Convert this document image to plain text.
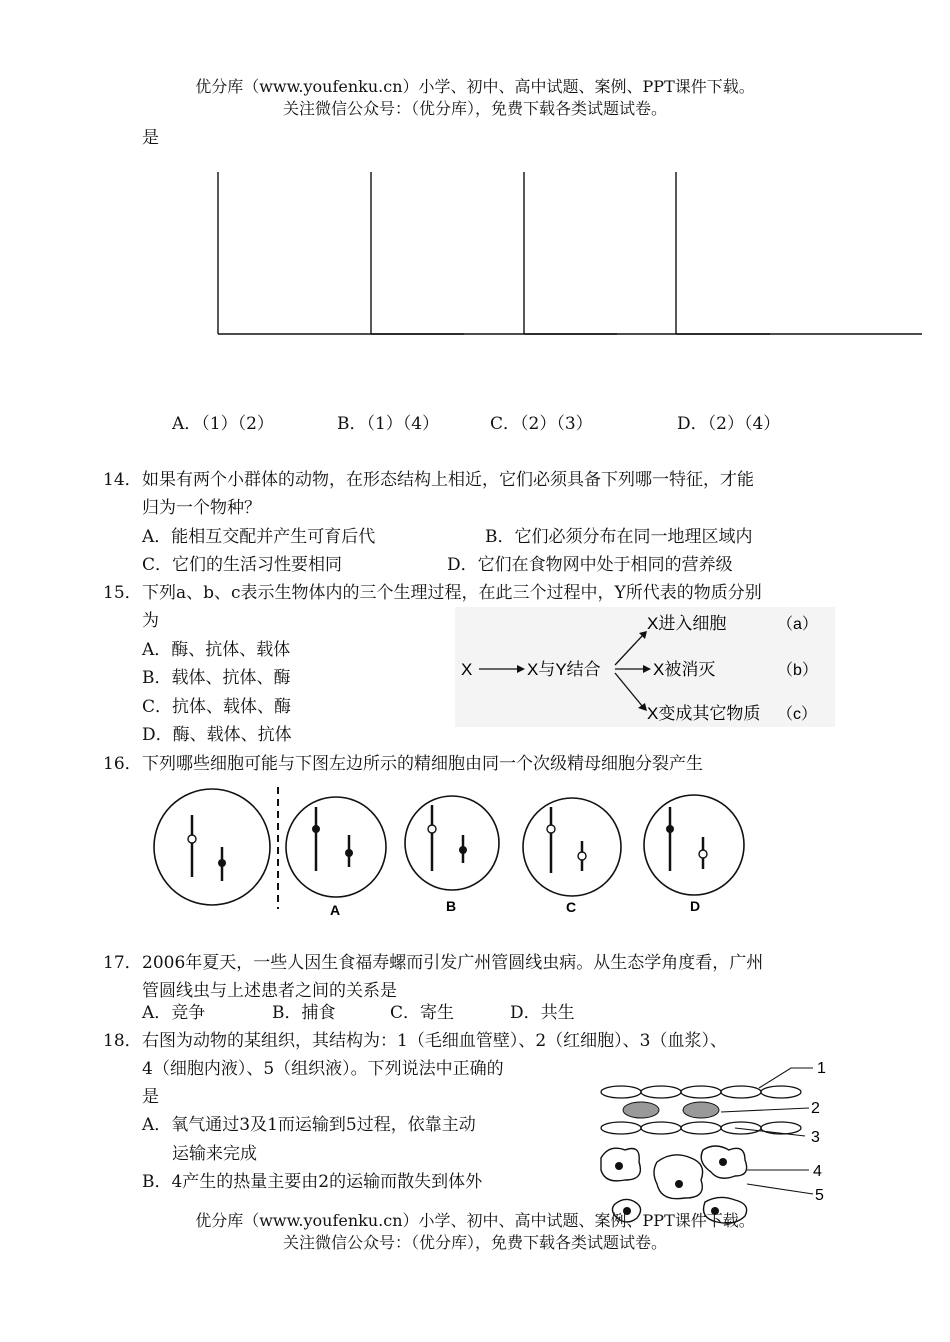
优分库（www.youfenku.cn）小学、初中、高中试题、案例、PPT课件下载。
关注微信公众号：（优分库），免费下载各类试题试卷。
是
A．（1）（2）	B．（1）（4）	C．（2）（3）	D．（2）（4）
14． 如果有两个小群体的动物，在形态结构上相近，它们必须具备下列哪一特征，才能
归为一个物种？
A．能相互交配并产生可育后代	B．它们必须分布在同一地理区域内
C．它们的生活习性要相同	D．它们在食物网中处于相同的营养级
15． 下列a、b、c表示生物体内的三个生理过程，在此三个过程中，Y所代表的物质分别
为
A．酶、抗体、载体
B．载体、抗体、酶
C．抗体、载体、酶
D．酶、载体、抗体
X	X与Y结合
X进入细胞
X被消灭
X变成其它物质
（a）
（b）
（c）
16． 下列哪些细胞可能与下图左边所示的精细胞由同一个次级精母细胞分裂产生
A	B	C	D
17． 2006年夏天，一些人因生食福寿螺而引发广州管圆线虫病。从生态学角度看，广州
管圆线虫与上述患者之间的关系是
A．竞争	B．捕食	C．寄生	D．共生
18． 右图为动物的某组织，其结构为：1（毛细血管壁）、2（红细胞）、3（血浆）、
4（细胞内液）、5（组织液）。下列说法中正确的
是
A．氧气通过3及1而运输到5过程，依靠主动
运输来完成
B．4产生的热量主要由2的运输而散失到体外
1
2
3
4
5
优分库（www.youfenku.cn）小学、初中、高中试题、案例、PPT课件下载。
关注微信公众号：（优分库），免费下载各类试题试卷。
